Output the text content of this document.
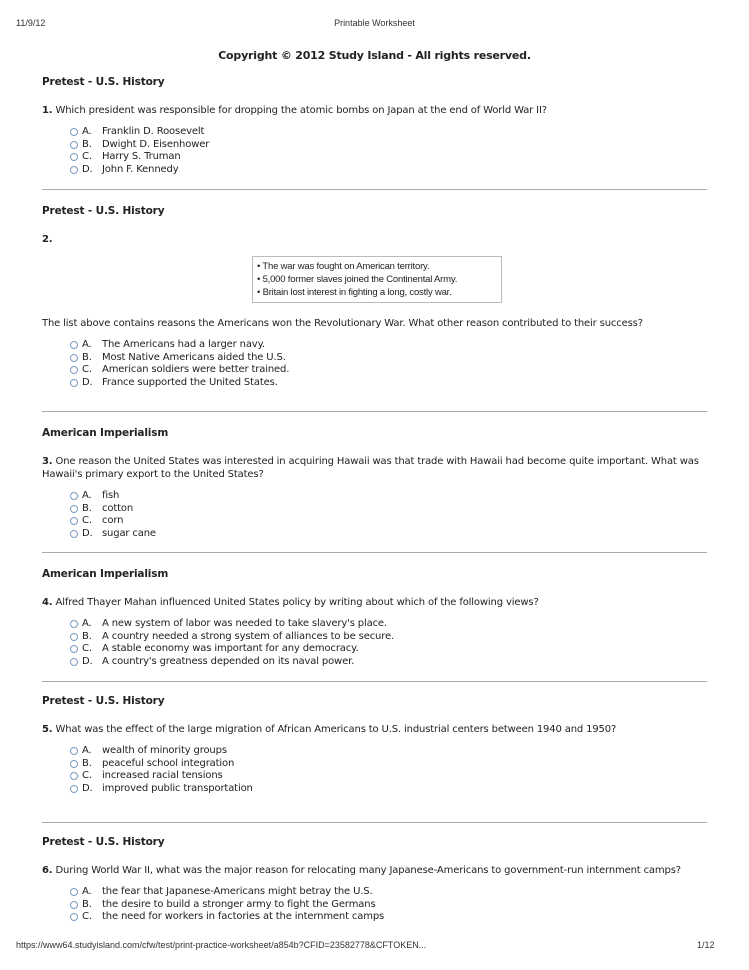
11/9/12	Printable Worksheet
Copyright © 2012 Study Island - All rights reserved.
Pretest - U.S. History
1. Which president was responsible for dropping the atomic bombs on Japan at the end of World War II?
A.	Franklin D. Roosevelt
B.	Dwight D. Eisenhower
C.	Harry S. Truman
D. John F. Kennedy
Pretest - U.S. History
2.
• The war was fought on American territory.
• 5,000 former slaves joined the Continental Army.
• Britain lost interest in fighting a long, costly war.
The list above contains reasons the Americans won the Revolutionary War. What other reason contributed to their success?
A.	The Americans had a larger navy.
B.	Most Native Americans aided the U.S.
C.	American soldiers were better trained.
D. France supported the United States.
American Imperialism
3. One reason the United States was interested in acquiring Hawaii was that trade with Hawaii had become quite important. What was Hawaii's primary export to the United States?
A.	fish
B.	cotton
C.	corn
D. sugar cane
American Imperialism
4. Alfred Thayer Mahan influenced United States policy by writing about which of the following views?
A.	A new system of labor was needed to take slavery's place.
B.	A country needed a strong system of alliances to be secure.
C.	A stable economy was important for any democracy.
D. A country's greatness depended on its naval power.
Pretest - U.S. History
5. What was the effect of the large migration of African Americans to U.S. industrial centers between 1940 and 1950?
A.	wealth of minority groups
B.	peaceful school integration
C.	increased racial tensions
D. improved public transportation
Pretest - U.S. History
6. During World War II, what was the major reason for relocating many Japanese-Americans to government-run internment camps?
A.	the fear that Japanese-Americans might betray the U.S.
B.	the desire to build a stronger army to fight the Germans
C.	the need for workers in factories at the internment camps
https://www64.studyisland.com/cfw/test/print-practice-worksheet/a854b?CFID=23582778&CFTOKEN...	1/12
